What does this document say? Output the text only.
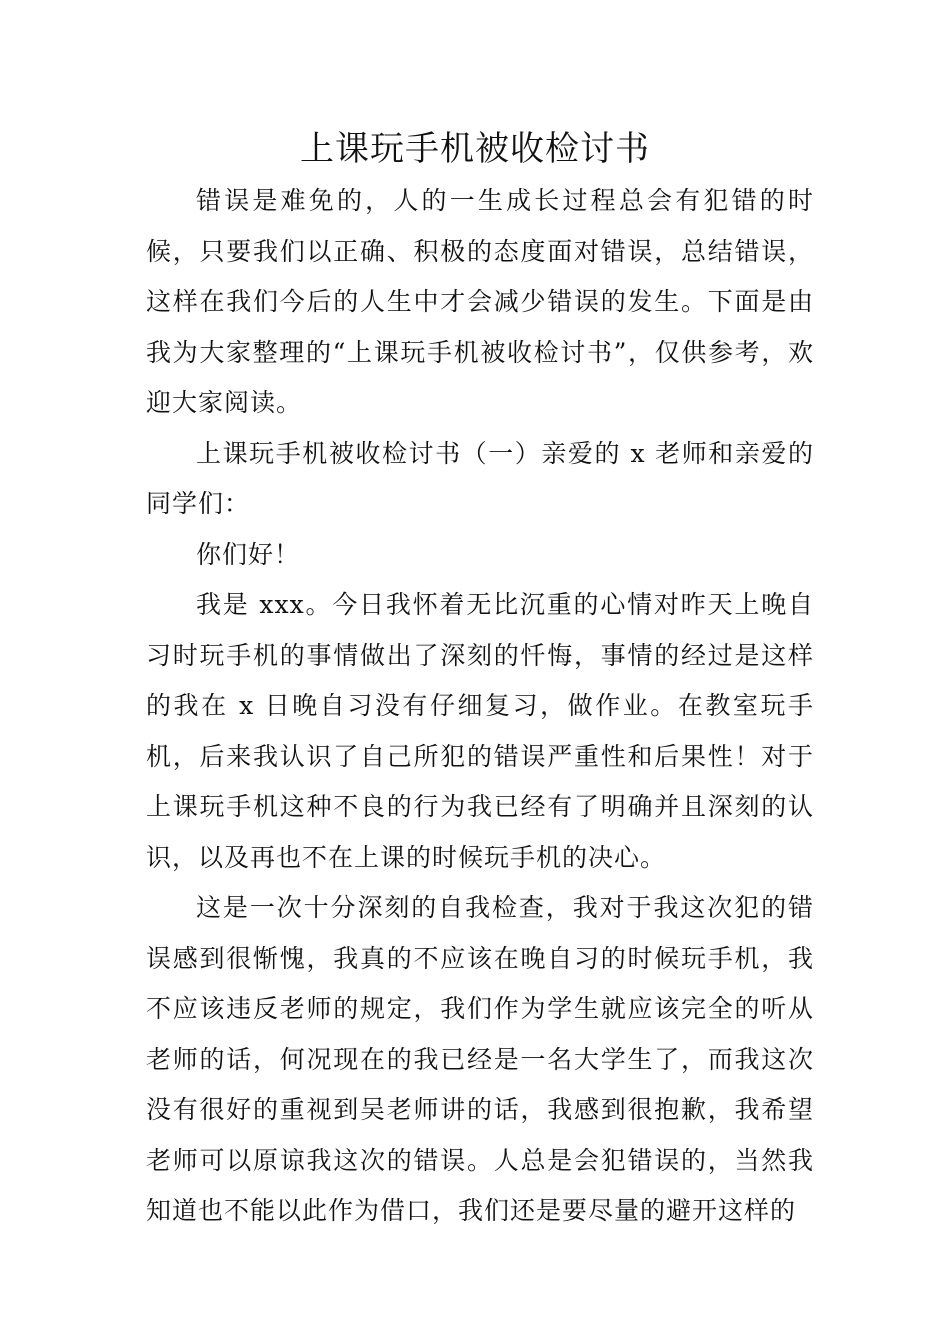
上课玩手机被收检讨书

错误是难免的，人的一生成长过程总会有犯错的时候，只要我们以正确、积极的态度面对错误，总结错误，这样在我们今后的人生中才会减少错误的发生。下面是由我为大家整理的“上课玩手机被收检讨书”，仅供参考，欢迎大家阅读。

上课玩手机被收检讨书（一）亲爱的 x 老师和亲爱的同学们：

你们好！

我是 xxx。今日我怀着无比沉重的心情对昨天上晚自习时玩手机的事情做出了深刻的忏悔，事情的经过是这样的我在 x 日晚自习没有仔细复习，做作业。在教室玩手机，后来我认识了自己所犯的错误严重性和后果性！对于上课玩手机这种不良的行为我已经有了明确并且深刻的认识，以及再也不在上课的时候玩手机的决心。

这是一次十分深刻的自我检查，我对于我这次犯的错误感到很惭愧，我真的不应该在晚自习的时候玩手机，我不应该违反老师的规定，我们作为学生就应该完全的听从老师的话，何况现在的我已经是一名大学生了，而我这次没有很好的重视到吴老师讲的话，我感到很抱歉，我希望老师可以原谅我这次的错误。人总是会犯错误的，当然我知道也不能以此作为借口，我们还是要尽量的避开这样的
